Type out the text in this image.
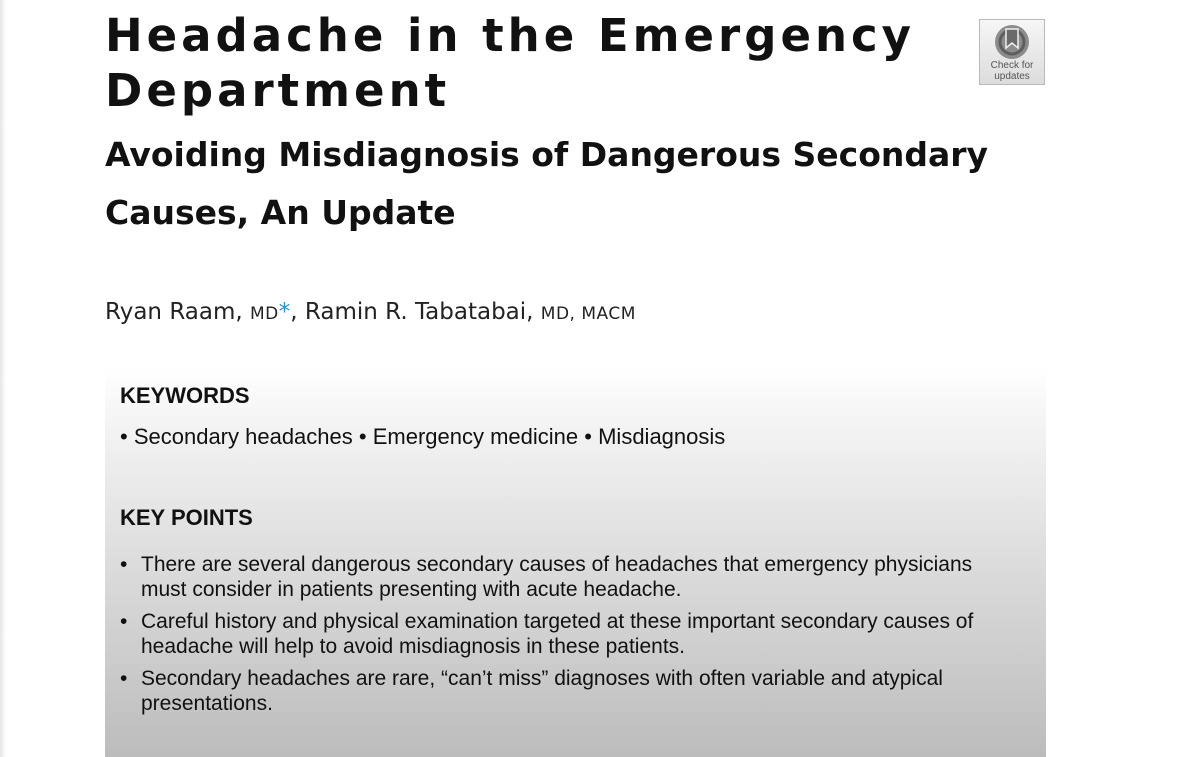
Headache in the Emergency Department
Avoiding Misdiagnosis of Dangerous Secondary Causes, An Update
Check for
updates
Ryan Raam, MD*, Ramin R. Tabatabai, MD, MACM
KEYWORDS
• Secondary headaches • Emergency medicine • Misdiagnosis
KEY POINTS
• There are several dangerous secondary causes of headaches that emergency physicians must consider in patients presenting with acute headache.
• Careful history and physical examination targeted at these important secondary causes of headache will help to avoid misdiagnosis in these patients.
• Secondary headaches are rare, “can’t miss” diagnoses with often variable and atypical presentations.
